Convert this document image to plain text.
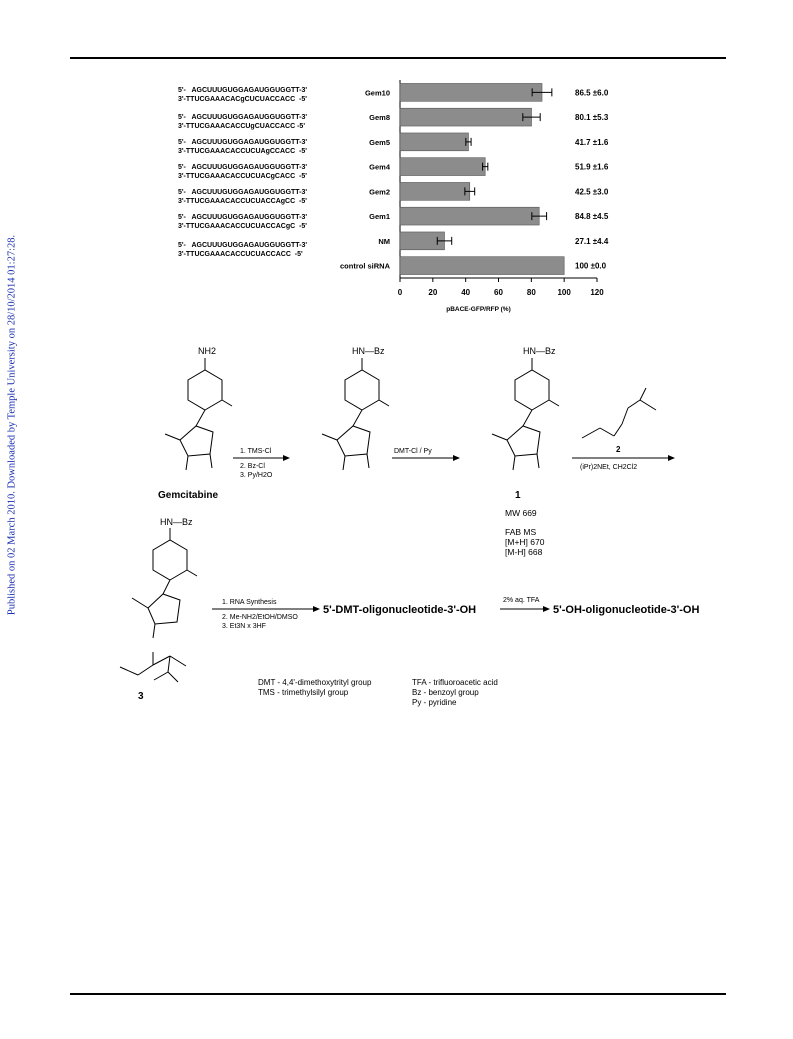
Published on 02 March 2010. Downloaded by Temple University on 28/10/2014 01:27:28.
5'-   AGCUUUGUGGAGAUGGUGGTT-3'
3'-TTUCGAAACACgCUCUACCACC  -5'
5'-   AGCUUUGUGGAGAUGGUGGTT-3'
3'-TTUCGAAACACCUgCUACCACC -5'
5'-   AGCUUUGUGGAGAUGGUGGTT-3'
3'-TTUCGAAACACCUCUAgCCACC  -5'
5'-   AGCUUUGUGGAGAUGGUGGTT-3'
3'-TTUCGAAACACCUCUACgCACC  -5'
5'-   AGCUUUGUGGAGAUGGUGGTT-3'
3'-TTUCGAAACACCUCUACCAgCC  -5'
5'-   AGCUUUGUGGAGAUGGUGGTT-3'
3'-TTUCGAAACACCUCUACCACgC  -5'
5'-   AGCUUUGUGGAGAUGGUGGTT-3'
3'-TTUCGAAACACCUCUACCACC  -5'
0	20	40	60	80	100 120
pBACE-GFP/RFP (%)
Gem10	86.5 ±6.0
Gem8	80.1 ±5.3
Gem5	41.7 ±1.6
Gem4	51.9 ±1.6
Gem2	42.5 ±3.0
Gem1	84.8 ±4.5
NM	27.1 ±4.4
control siRNA	100 ±0.0
NH2
Gemcitabine
1. TMS-Cl
2. Bz-Cl
3. Py/H2O
HN—Bz
DMT-Cl / Py
HN—Bz
1
MW 669
FAB MS
[M+H] 670
[M-H] 668
2
(iPr)2NEt, CH2Cl2
HN—Bz
3
1. RNA Synthesis
2. Me-NH2/EtOH/DMSO
3. Et3N x 3HF
5'-DMT-oligonucleotide-3'-OH
2% aq. TFA
5'-OH-oligonucleotide-3'-OH
DMT - 4,4'-dimethoxytrityl group
TMS - trimethylsilyl group
TFA - trifluoroacetic acid
Bz - benzoyl group
Py - pyridine
